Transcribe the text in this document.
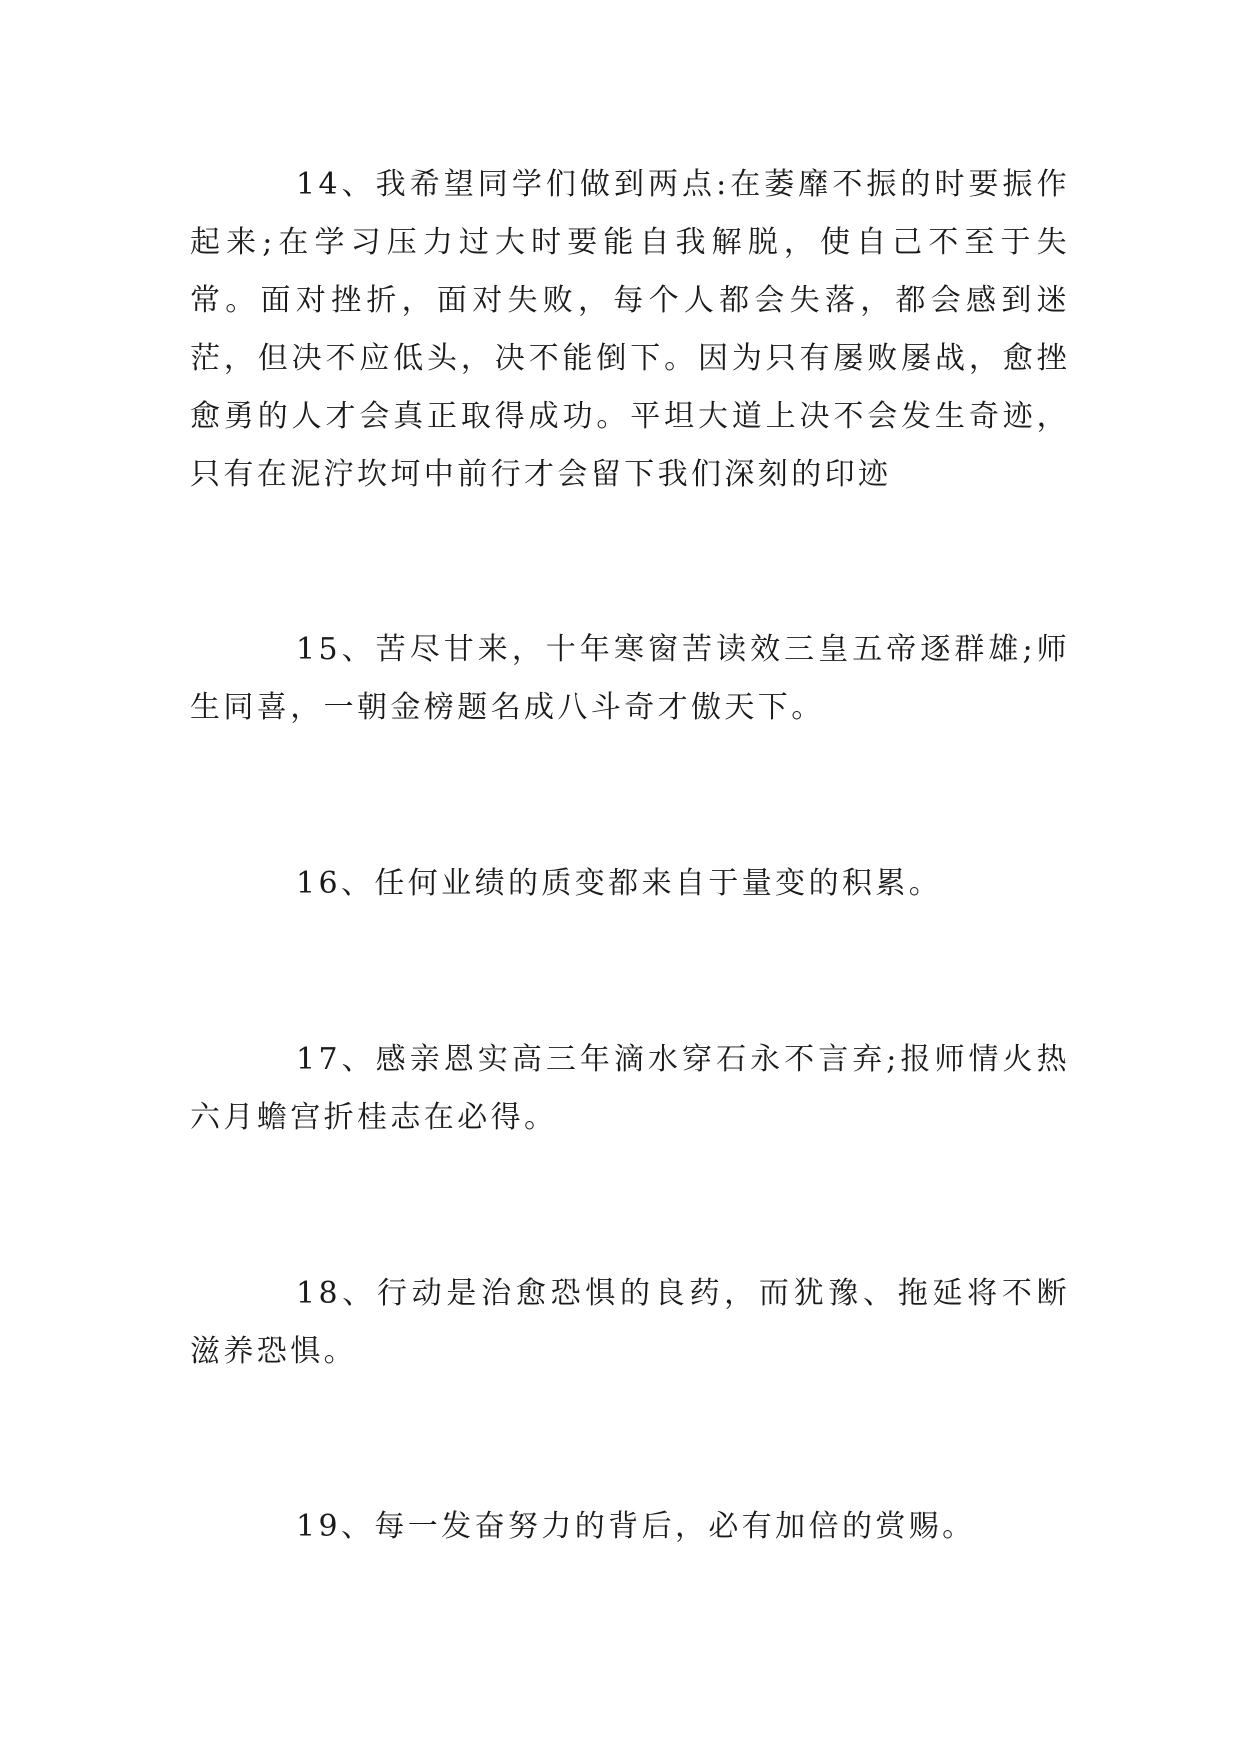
14、我希望同学们做到两点:在萎靡不振的时要振作起来;在学习压力过大时要能自我解脱，使自己不至于失常。面对挫折，面对失败，每个人都会失落，都会感到迷茫，但决不应低头，决不能倒下。因为只有屡败屡战，愈挫愈勇的人才会真正取得成功。平坦大道上决不会发生奇迹，只有在泥泞坎坷中前行才会留下我们深刻的印迹

15、苦尽甘来，十年寒窗苦读效三皇五帝逐群雄;师生同喜，一朝金榜题名成八斗奇才傲天下。

16、任何业绩的质变都来自于量变的积累。

17、感亲恩实高三年滴水穿石永不言弃;报师情火热六月蟾宫折桂志在必得。

18、行动是治愈恐惧的良药，而犹豫、拖延将不断滋养恐惧。

19、每一发奋努力的背后，必有加倍的赏赐。
